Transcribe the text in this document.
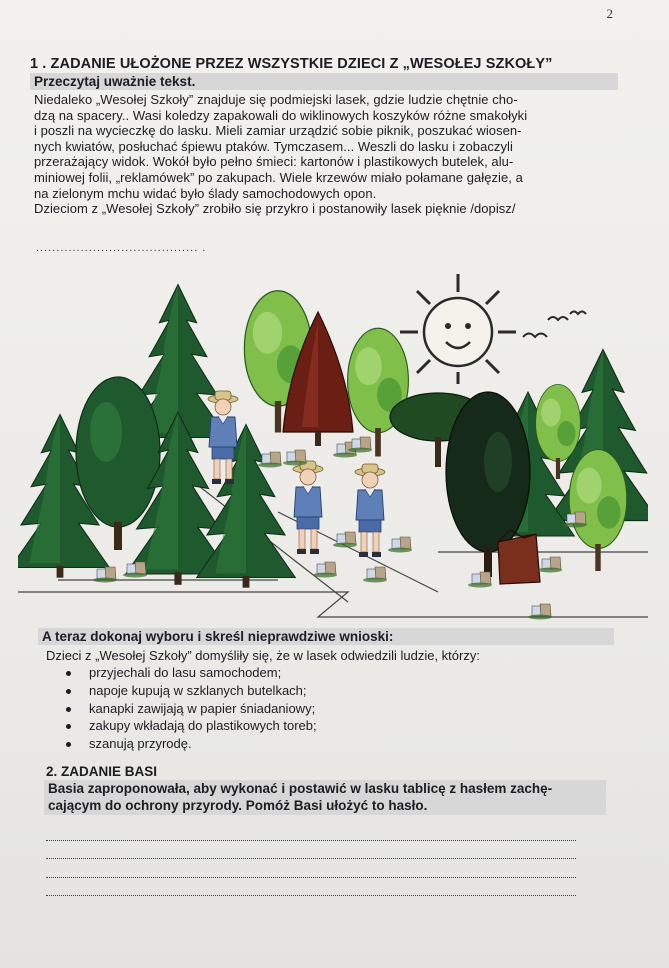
2
1 . ZADANIE UŁOŻONE PRZEZ WSZYSTKIE DZIECI Z „WESOŁEJ SZKOŁY”
Przeczytaj uważnie tekst.

Niedaleko „Wesołej Szkoły” znajduje się podmiejski lasek, gdzie ludzie chętnie cho-

dzą na spacery.. Wasi koledzy zapakowali do wiklinowych koszyków różne smakołyki

i poszli na wycieczkę do lasku. Mieli zamiar urządzić sobie piknik, poszukać wiosen-

nych kwiatów, posłuchać śpiewu ptaków. Tymczasem... Weszli do lasku i zobaczyli

przerażający widok. Wokół było pełno śmieci: kartonów i plastikowych butelek, alu-

miniowej folii, „reklamówek” po zakupach. Wiele krzewów miało połamane gałęzie, a

na zielonym mchu widać było ślady samochodowych opon.

Dzieciom z „Wesołej Szkoły” zrobiło się przykro i postanowiły lasek pięknie /dopisz/

........................................ .
A teraz dokonaj wyboru i skreśl nieprawdziwe wnioski:
Dzieci z „Wesołej Szkoły” domyśliły się, że w lasek odwiedzili ludzie, którzy:
przyjechali do lasu samochodem;
napoje kupują w szklanych butelkach;
kanapki zawijają w papier śniadaniowy;
zakupy wkładają do plastikowych toreb;
szanują przyrodę.
2. ZADANIE BASI
Basia zaproponowała, aby wykonać i postawić w lasku tablicę z hasłem zachę-
cającym do ochrony przyrody. Pomóż Basi ułożyć to hasło.
